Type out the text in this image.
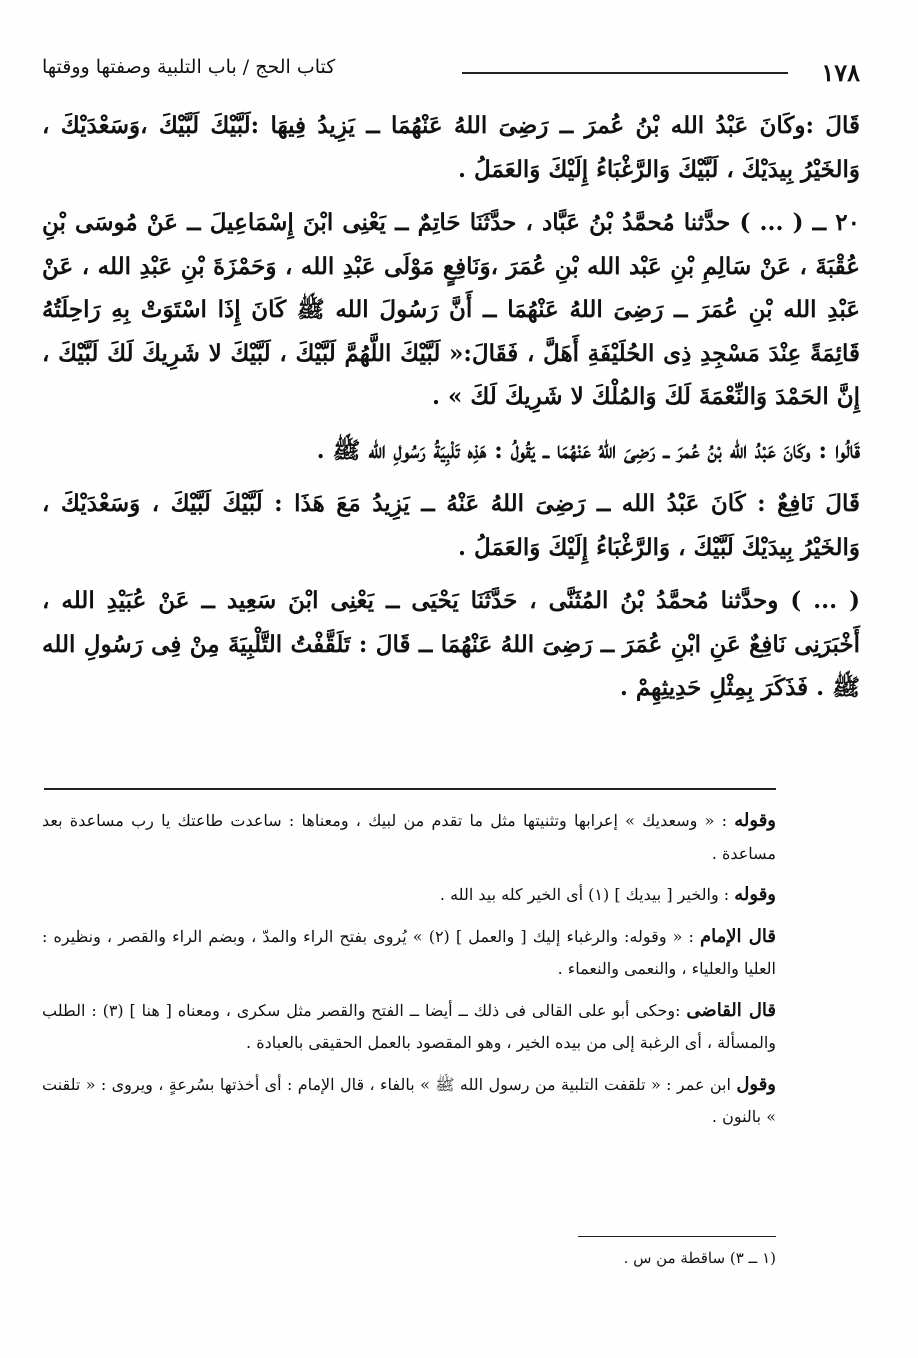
١٧٨
كتاب الحج / باب التلبية وصفتها ووقتها

قَالَ :وكَانَ عَبْدُ الله بْنُ عُمرَ ــ رَضِىَ اللهُ عَنْهُمَا ــ يَزِيدُ فِيهَا :لَبَّيْكَ لَبَّيْكَ ،وَسَعْدَيْكَ ، وَالخَيْرُ بِيدَيْكَ ، لَبَّيْكَ وَالرَّغْبَاءُ إِلَيْكَ وَالعَمَلُ .

٢٠ ــ ( ... ) حدَّثنا مُحمَّدُ بْنُ عَبَّاد ، حدَّثَنَا حَاتِمٌ ــ يَعْنِى ابْنَ إِسْمَاعِيلَ ــ عَنْ مُوسَى بْنِ عُقْبَةَ ، عَنْ سَالِمِ بْنِ عَبْد الله بْنِ عُمَرَ ،وَنَافِعٍ مَوْلَى عَبْدِ الله ، وَحَمْزَةَ بْنِ عَبْدِ الله ، عَنْ عَبْدِ الله بْنِ عُمَرَ ــ رَضِىَ اللهُ عَنْهُمَا ــ أَنَّ رَسُولَ الله ﷺ كَانَ إِذَا اسْتَوَتْ بِهِ رَاحِلَتُهُ قَائِمَةً عِنْدَ مَسْجِدِ ذِى الحُلَيْفَةِ أَهَلَّ ، فَقَالَ:« لَبَّيْكَ اللَّهُمَّ لَبَّيْكَ ، لَبَّيْكَ لا شَرِيكَ لَكَ لَبَّيْكَ ، إِنَّ الحَمْدَ وَالنِّعْمَةَ لَكَ وَالمُلْكَ لا شَرِيكَ لَكَ » .

قَالُوا : وكَانَ عَبْدُ الله بْنُ عُمرَ ــ رَضِىَ اللهُ عَنْهُمَا ــ يَقُولُ : هَذِه تَلْبِيَةُ رَسُولِ الله ﷺ .

قَالَ نَافِعٌ : كَانَ عَبْدُ الله ــ رَضِىَ اللهُ عَنْهُ ــ يَزِيدُ مَعَ هَذَا : لَبَّيْكَ لَبَّيْكَ ، وَسَعْدَيْكَ ، وَالخَيْرُ بِيدَيْكَ لَبَّيْكَ ، وَالرَّغْبَاءُ إِلَيْكَ وَالعَمَلُ .

( ... ) وحدَّثنا مُحمَّدُ بْنُ المُثَنَّى ، حَدَّثَنَا يَحْيَى ــ يَعْنِى ابْنَ سَعِيد ــ عَنْ عُبَيْدِ الله ، أَخْبَرَنِى نَافِعٌ عَنِ ابْنِ عُمَرَ ــ رَضِىَ اللهُ عَنْهُمَا ــ قَالَ : تَلَقَّفْتُ التَّلْبِيَةَ مِنْ فِى رَسُولِ الله ﷺ . فَذَكَرَ بِمِثْلِ حَدِيثِهِمْ .

وقوله : « وسعديك » إعرابها وتثنيتها مثل ما تقدم من لبيك ، ومعناها : ساعدت طاعتك يا رب مساعدة بعد مساعدة .

وقوله : والخير [ بيديك ] (١) أى الخير كله بيد الله .

قال الإمام : « وقوله: والرغباء إليك [ والعمل ] (٢) » يُروى بفتح الراء والمدّ ، وبضم الراء والقصر ، ونظيره : العليا والعلياء ، والنعمى والنعماء .

قال القاضى :وحكى أبو على القالى فى ذلك ــ أيضا ــ الفتح والقصر مثل سكرى ، ومعناه [ هنا ] (٣) : الطلب والمسألة ، أى الرغبة إلى من بيده الخير ، وهو المقصود بالعمل الحقيقى بالعبادة .

وقول ابن عمر : « تلقفت التلبية من رسول الله ﷺ » بالفاء ، قال الإمام : أى أخذتها بسُرعةٍ ، ويروى : « تلقنت » بالنون .

(١ ــ ٣) ساقطة من س .
